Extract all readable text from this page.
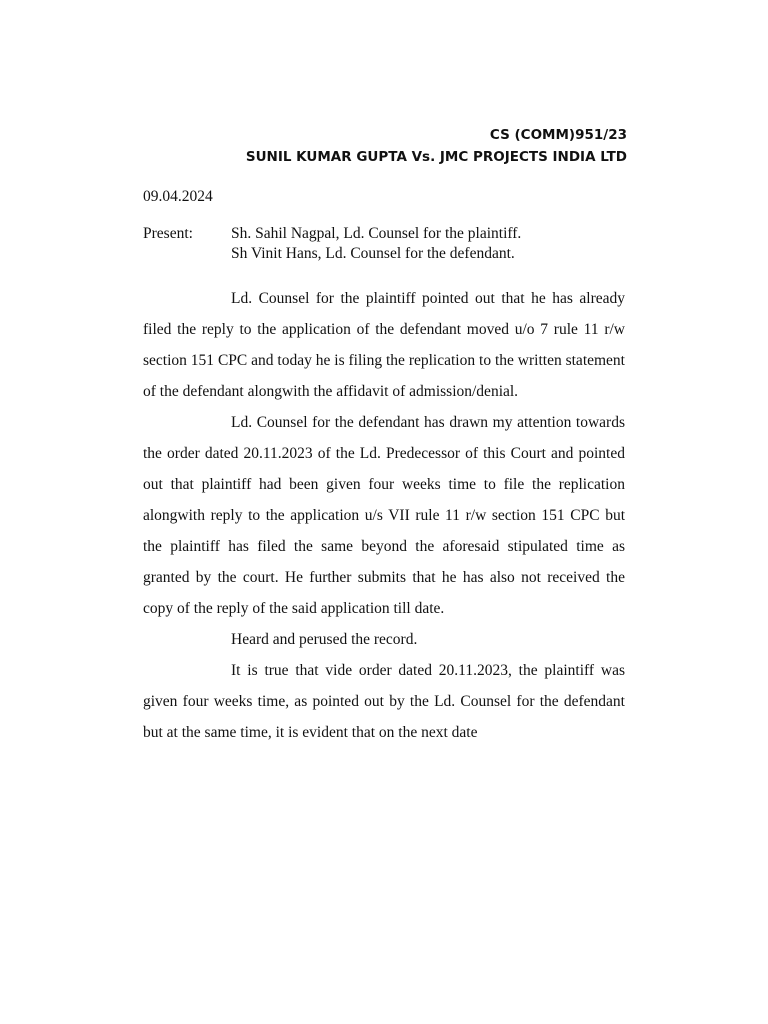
CS (COMM)951/23
SUNIL KUMAR GUPTA Vs. JMC PROJECTS INDIA LTD
09.04.2024
Present: Sh. Sahil Nagpal, Ld. Counsel for the plaintiff.
Sh Vinit Hans, Ld. Counsel for the defendant.

Ld. Counsel for the plaintiff pointed out that he has already filed the reply to the application of the defendant moved u/o 7 rule 11 r/w section 151 CPC and today he is filing the replication to the written statement of the defendant alongwith the affidavit of admission/denial.

Ld. Counsel for the defendant has drawn my attention towards the order dated 20.11.2023 of the Ld. Predecessor of this Court and pointed out that plaintiff had been given four weeks time to file the replication alongwith reply to the application u/s VII rule 11 r/w section 151 CPC but the plaintiff has filed the same beyond the aforesaid stipulated time as granted by the court. He further submits that he has also not received the copy of the reply of the said application till date.

Heard and perused the record.

It is true that vide order dated 20.11.2023, the plaintiff was given four weeks time, as pointed out by the Ld. Counsel for the defendant but at the same time, it is evident that on the next date
